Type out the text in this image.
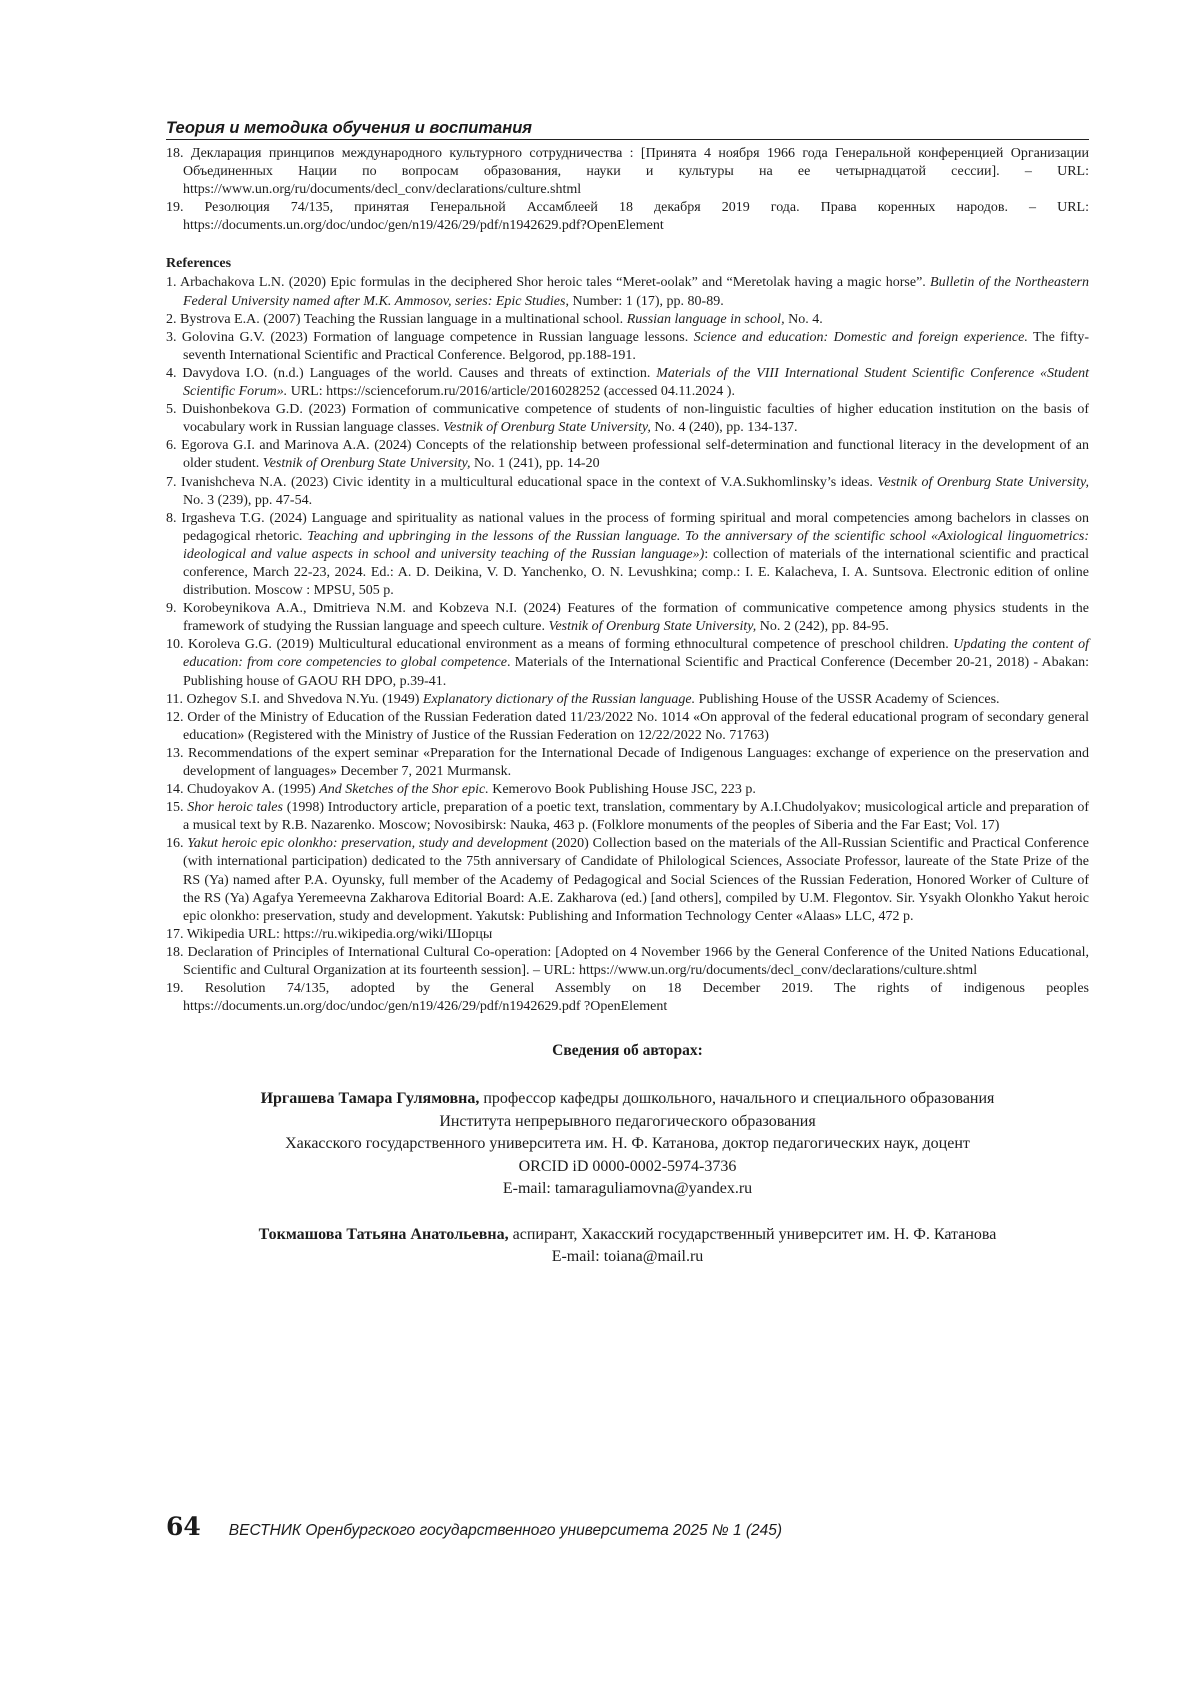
Теория и методика обучения и воспитания

18. Декларация принципов международного культурного сотрудничества : [Принята 4 ноября 1966 года Генеральной конференцией Организации Объединенных Нации по вопросам образования, науки и культуры на ее четырнадцатой сессии]. – URL: https://www.un.org/ru/documents/decl_conv/declarations/culture.shtml

19. Резолюция 74/135, принятая Генеральной Ассамблеей 18 декабря 2019 года. Права коренных народов. – URL: https://documents.un.org/doc/undoc/gen/n19/426/29/pdf/n1942629.pdf?OpenElement

References

1. Arbachakova L.N. (2020) Epic formulas in the deciphered Shor heroic tales “Meret-oolak” and “Meretolak having a magic horse”. Bulletin of the Northeastern Federal University named after M.K. Ammosov, series: Epic Studies, Number: 1 (17), pp. 80-89.

2. Bystrova E.A. (2007) Teaching the Russian language in a multinational school. Russian language in school, No. 4.

3. Golovina G.V. (2023) Formation of language competence in Russian language lessons. Science and education: Domestic and foreign experience. The fifty-seventh International Scientific and Practical Conference. Belgorod, pp.188-191.

4. Davydova I.O. (n.d.) Languages of the world. Causes and threats of extinction. Materials of the VIII International Student Scientific Conference «Student Scientific Forum». URL: https://scienceforum.ru/2016/article/2016028252 (accessed 04.11.2024 ).

5. Duishonbekova G.D. (2023) Formation of communicative competence of students of non-linguistic faculties of higher education institution on the basis of vocabulary work in Russian language classes. Vestnik of Orenburg State University, No. 4 (240), pp. 134-137.

6. Egorova G.I. and Marinova A.A. (2024) Concepts of the relationship between professional self-determination and functional literacy in the development of an older student. Vestnik of Orenburg State University, No. 1 (241), pp. 14-20

7. Ivanishcheva N.A. (2023) Civic identity in a multicultural educational space in the context of V.A.Sukhomlinsky’s ideas. Vestnik of Orenburg State University, No. 3 (239), pp. 47-54.

8. Irgasheva T.G. (2024) Language and spirituality as national values in the process of forming spiritual and moral competencies among bachelors in classes on pedagogical rhetoric. Teaching and upbringing in the lessons of the Russian language. To the anniversary of the scientific school «Axiological linguometrics: ideological and value aspects in school and university teaching of the Russian language»): collection of materials of the international scientific and practical conference, March 22-23, 2024. Ed.: A. D. Deikina, V. D. Yanchenko, O. N. Levushkina; comp.: I. E. Kalacheva, I. A. Suntsova. Electronic edition of online distribution. Moscow : MPSU, 505 p.

9. Korobeynikova A.A., Dmitrieva N.M. and Kobzeva N.I. (2024) Features of the formation of communicative competence among physics students in the framework of studying the Russian language and speech culture. Vestnik of Orenburg State University, No. 2 (242), pp. 84-95.

10. Koroleva G.G. (2019) Multicultural educational environment as a means of forming ethnocultural competence of preschool children. Updating the content of education: from core competencies to global competence. Materials of the International Scientific and Practical Conference (December 20-21, 2018) - Abakan: Publishing house of GAOU RH DPO, p.39-41.

11. Ozhegov S.I. and Shvedova N.Yu. (1949) Explanatory dictionary of the Russian language. Publishing House of the USSR Academy of Sciences.

12. Order of the Ministry of Education of the Russian Federation dated 11/23/2022 No. 1014 «On approval of the federal educational program of secondary general education» (Registered with the Ministry of Justice of the Russian Federation on 12/22/2022 No. 71763)

13. Recommendations of the expert seminar «Preparation for the International Decade of Indigenous Languages: exchange of experience on the preservation and development of languages» December 7, 2021 Murmansk.

14. Chudoyakov A. (1995) And Sketches of the Shor epic. Kemerovo Book Publishing House JSC, 223 p.

15. Shor heroic tales (1998) Introductory article, preparation of a poetic text, translation, commentary by A.I.Chudolyakov; musicological article and preparation of a musical text by R.B. Nazarenko. Moscow; Novosibirsk: Nauka, 463 p. (Folklore monuments of the peoples of Siberia and the Far East; Vol. 17)

16. Yakut heroic epic olonkho: preservation, study and development (2020) Collection based on the materials of the All-Russian Scientific and Practical Conference (with international participation) dedicated to the 75th anniversary of Candidate of Philological Sciences, Associate Professor, laureate of the State Prize of the RS (Ya) named after P.A. Oyunsky, full member of the Academy of Pedagogical and Social Sciences of the Russian Federation, Honored Worker of Culture of the RS (Ya) Agafya Yeremeevna Zakharova Editorial Board: A.E. Zakharova (ed.) [and others], compiled by U.M. Flegontov. Sir. Ysyakh Olonkho Yakut heroic epic olonkho: preservation, study and development. Yakutsk: Publishing and Information Technology Center «Alaas» LLC, 472 p.

17. Wikipedia URL: https://ru.wikipedia.org/wiki/Шорцы

18. Declaration of Principles of International Cultural Co-operation: [Adopted on 4 November 1966 by the General Conference of the United Nations Educational, Scientific and Cultural Organization at its fourteenth session]. – URL: https://www.un.org/ru/documents/decl_conv/declarations/culture.shtml

19. Resolution 74/135, adopted by the General Assembly on 18 December 2019. The rights of indigenous peoples https://documents.un.org/doc/undoc/gen/n19/426/29/pdf/n1942629.pdf ?OpenElement

Сведения об авторах:
Иргашева Тамара Гулямовна, профессор кафедры дошкольного, начального и специального образования
Института непрерывного педагогического образования
Хакасского государственного университета им. Н. Ф. Катанова, доктор педагогических наук, доцент
ORCID iD 0000-0002-5974-3736
E-mail: tamaraguliamovna@yandex.ru
Токмашова Татьяна Анатольевна, аспирант, Хакасский государственный университет им. Н. Ф. Катанова
E-mail: toiana@mail.ru
64 ВЕСТНИК Оренбургского государственного университета 2025 № 1 (245)
